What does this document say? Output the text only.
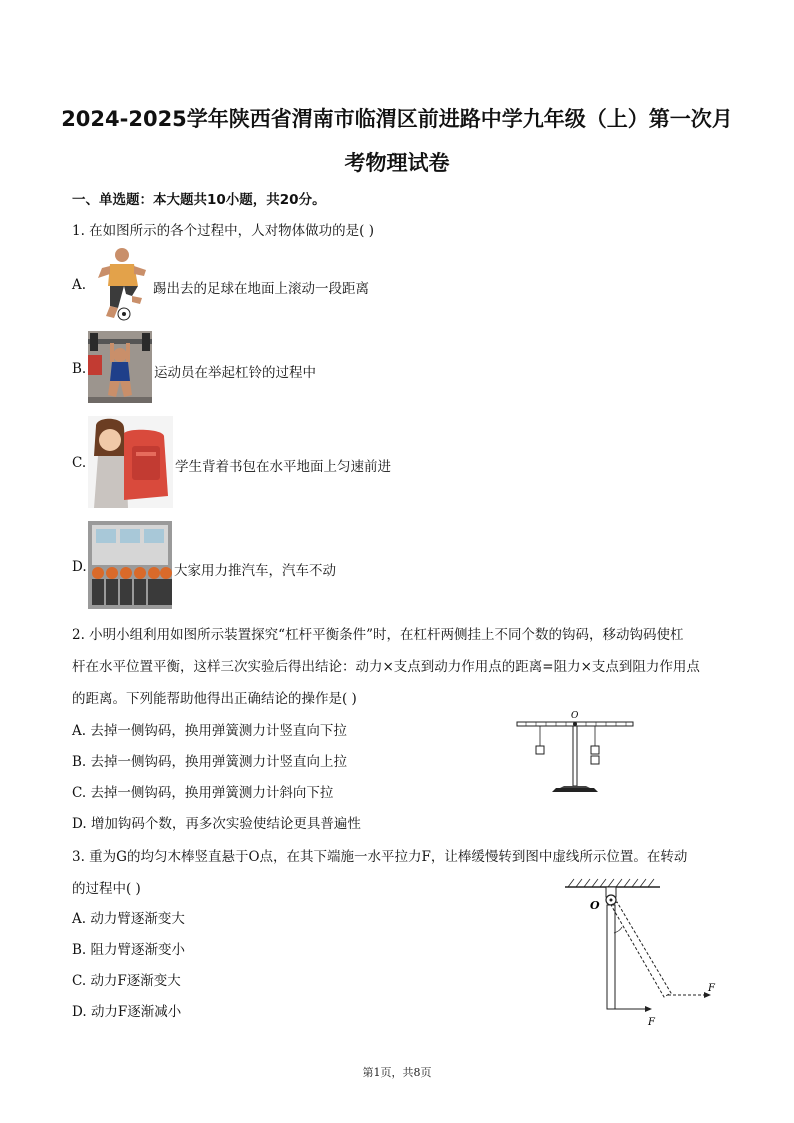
2024-2025学年陕西省渭南市临渭区前进路中学九年级（上）第一次月
考物理试卷
一、单选题：本大题共10小题，共20分。
1. 在如图所示的各个过程中，人对物体做功的是( )
A.	踢出去的足球在地面上滚动一段距离
B.	运动员在举起杠铃的过程中
C.	学生背着书包在水平地面上匀速前进
D.	大家用力推汽车，汽车不动
2. 小明小组利用如图所示装置探究“杠杆平衡条件”时，在杠杆两侧挂上不同个数的钩码，移动钩码使杠
杆在水平位置平衡，这样三次实验后得出结论：动力×支点到动力作用点的距离=阻力×支点到阻力作用点
的距离。下列能帮助他得出正确结论的操作是( )
A. 去掉一侧钩码，换用弹簧测力计竖直向下拉
B. 去掉一侧钩码，换用弹簧测力计竖直向上拉
C. 去掉一侧钩码，换用弹簧测力计斜向下拉
D. 增加钩码个数，再多次实验使结论更具普遍性
O
3. 重为G的均匀木棒竖直悬于O点，在其下端施一水平拉力F，让棒缓慢转到图中虚线所示位置。在转动
的过程中( )
A. 动力臂逐渐变大
B. 阻力臂逐渐变小
C. 动力F逐渐变大
D. 动力F逐渐减小
O
F
F
第1页，共8页
